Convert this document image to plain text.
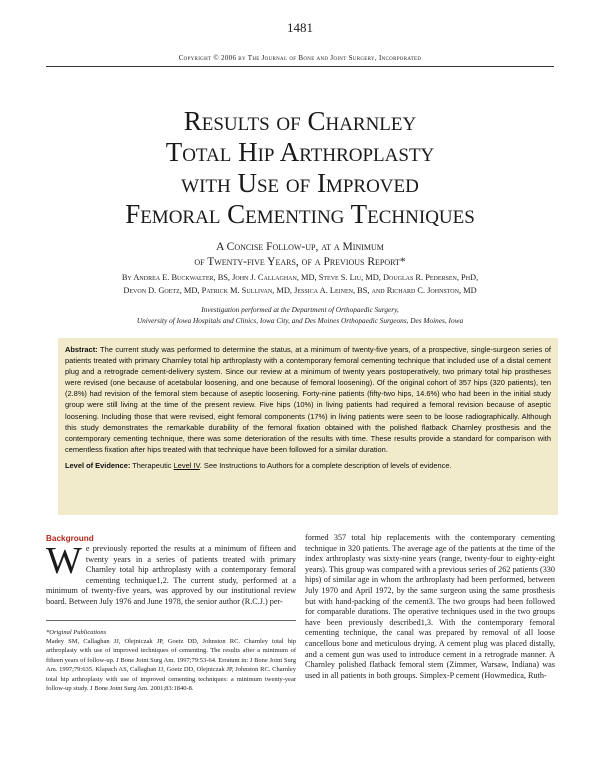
1481
Copyright © 2006 by The Journal of Bone and Joint Surgery, Incorporated
Results of Charnley
Total Hip Arthroplasty
with Use of Improved
Femoral Cementing Techniques
A Concise Follow-up, at a Minimum
of Twenty-five Years, of a Previous Report*
By Andrea E. Buckwalter, BS, John J. Callaghan, MD, Steve S. Liu, MD, Douglas R. Pedersen, PhD,
Devon D. Goetz, MD, Patrick M. Sullivan, MD, Jessica A. Leinen, BS, and Richard C. Johnston, MD
Investigation performed at the Department of Orthopaedic Surgery,
University of Iowa Hospitals and Clinics, Iowa City, and Des Moines Orthopaedic Surgeons, Des Moines, Iowa

Abstract: The current study was performed to determine the status, at a minimum of twenty-five years, of a prospective, single-surgeon series of patients treated with primary Charnley total hip arthroplasty with a contemporary femoral cementing technique that included use of a distal cement plug and a retrograde cement-delivery system. Since our review at a minimum of twenty years postoperatively, two primary total hip prostheses were revised (one because of acetabular loosening, and one because of femoral loosening). Of the original cohort of 357 hips (320 patients), ten (2.8%) had revision of the femoral stem because of aseptic loosening. Forty-nine patients (fifty-two hips, 14.6%) who had been in the initial study group were still living at the time of the present review. Five hips (10%) in living patients had required a femoral revision because of aseptic loosening. Including those that were revised, eight femoral components (17%) in living patients were seen to be loose radiographically. Although this study demonstrates the remarkable durability of the femoral fixation obtained with the polished flatback Charnley prosthesis and the contemporary cementing technique, there was some deterioration of the results with time. These results provide a standard for comparison with cementless fixation after hips treated with that technique have been followed for a similar duration.

Level of Evidence: Therapeutic Level IV. See Instructions to Authors for a complete description of levels of evidence.

Background
We previously reported the results at a minimum of fifteen and twenty years in a series of patients treated with primary Charnley total hip arthroplasty with a contemporary femoral cementing technique1,2. The current study, performed at a minimum of twenty-five years, was approved by our institutional review board. Between July 1976 and June 1978, the senior author (R.C.J.) per-
*Original Publications
Madey SM, Callaghan JJ, Olejniczak JP, Goetz DD, Johnston RC. Charnley total hip arthroplasty with use of improved techniques of cementing. The results after a minimum of fifteen years of follow-up. J Bone Joint Surg Am. 1997;79:53-64. Erratum in: J Bone Joint Surg Am. 1997;79:635. Klapach AS, Callaghan JJ, Goetz DD, Olejniczak JP, Johnston RC. Charnley total hip arthroplasty with use of improved cementing techniques: a minimum twenty-year follow-up study. J Bone Joint Surg Am. 2001;83:1840-8.
formed 357 total hip replacements with the contemporary cementing technique in 320 patients. The average age of the patients at the time of the index arthroplasty was sixty-nine years (range, twenty-four to eighty-eight years). This group was compared with a previous series of 262 patients (330 hips) of similar age in whom the arthroplasty had been performed, between July 1970 and April 1972, by the same surgeon using the same prosthesis but with hand-packing of the cement3. The two groups had been followed for comparable durations. The operative techniques used in the two groups have been previously described1,3. With the contemporary femoral cementing technique, the canal was prepared by removal of all loose cancellous bone and meticulous drying. A cement plug was placed distally, and a cement gun was used to introduce cement in a retrograde manner. A Charnley polished flatback femoral stem (Zimmer, Warsaw, Indiana) was used in all patients in both groups. Simplex-P cement (Howmedica, Ruth-
